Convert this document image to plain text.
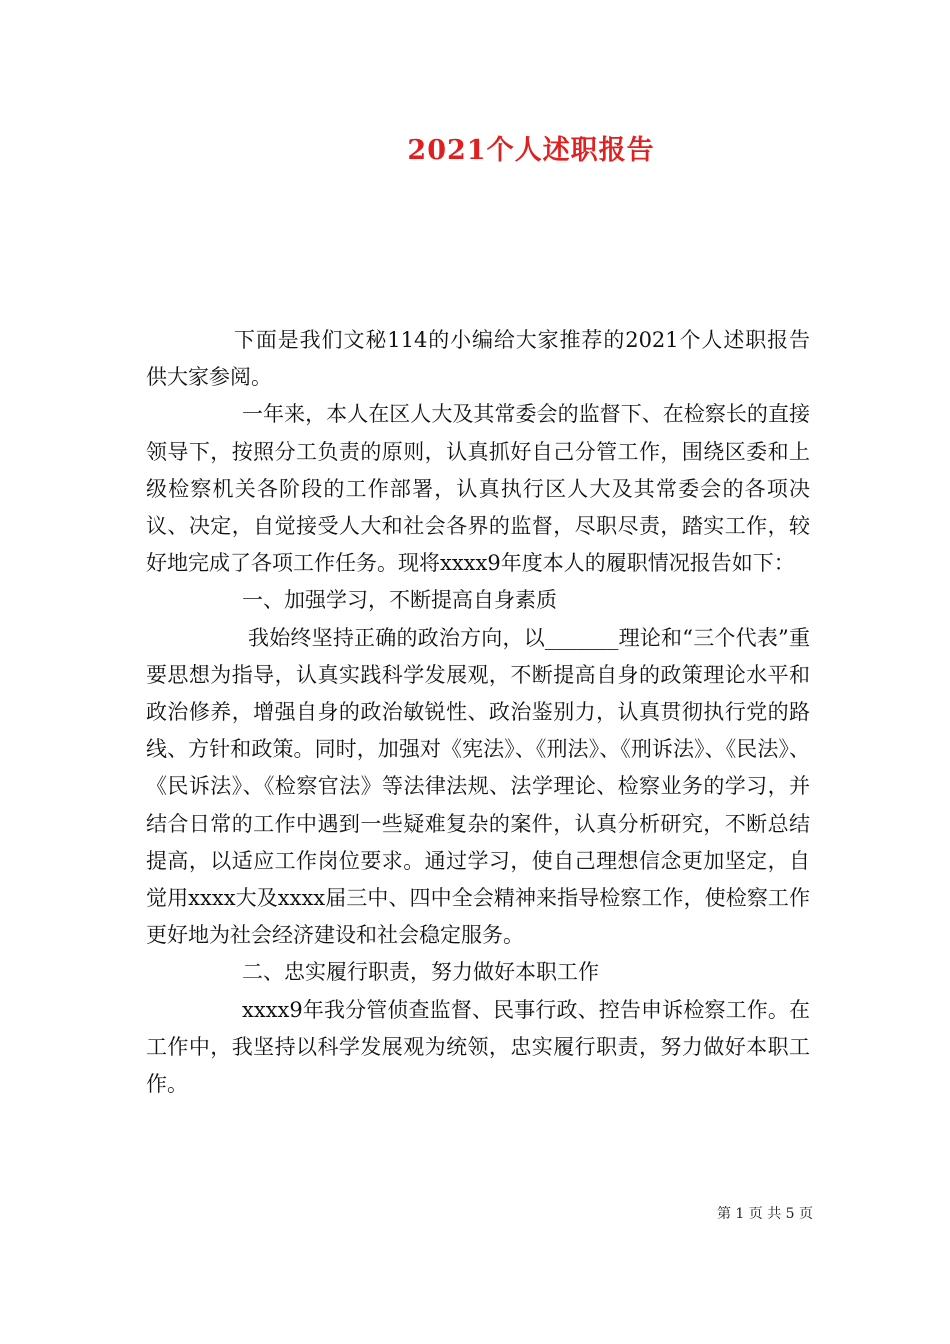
2021个人述职报告

下面是我们文秘114的小编给大家推荐的2021个人述职报告供大家参阅。

一年来，本人在区人大及其常委会的监督下、在检察长的直接领导下，按照分工负责的原则，认真抓好自己分管工作，围绕区委和上级检察机关各阶段的工作部署，认真执行区人大及其常委会的各项决议、决定，自觉接受人大和社会各界的监督，尽职尽责，踏实工作，较好地完成了各项工作任务。现将xxxx9年度本人的履职情况报告如下：

一、加强学习，不断提高自身素质

我始终坚持正确的政治方向，以_______理论和“三个代表”重要思想为指导，认真实践科学发展观，不断提高自身的政策理论水平和政治修养，增强自身的政治敏锐性、政治鉴别力，认真贯彻执行党的路线、方针和政策。同时，加强对《宪法》、《刑法》、《刑诉法》、《民法》、《民诉法》、《检察官法》等法律法规、法学理论、检察业务的学习，并结合日常的工作中遇到一些疑难复杂的案件，认真分析研究，不断总结提高，以适应工作岗位要求。通过学习，使自己理想信念更加坚定，自觉用xxxx大及xxxx届三中、四中全会精神来指导检察工作，使检察工作更好地为社会经济建设和社会稳定服务。

二、忠实履行职责，努力做好本职工作

xxxx9年我分管侦查监督、民事行政、控告申诉检察工作。在工作中，我坚持以科学发展观为统领，忠实履行职责，努力做好本职工作。

第 1 页 共 5 页
